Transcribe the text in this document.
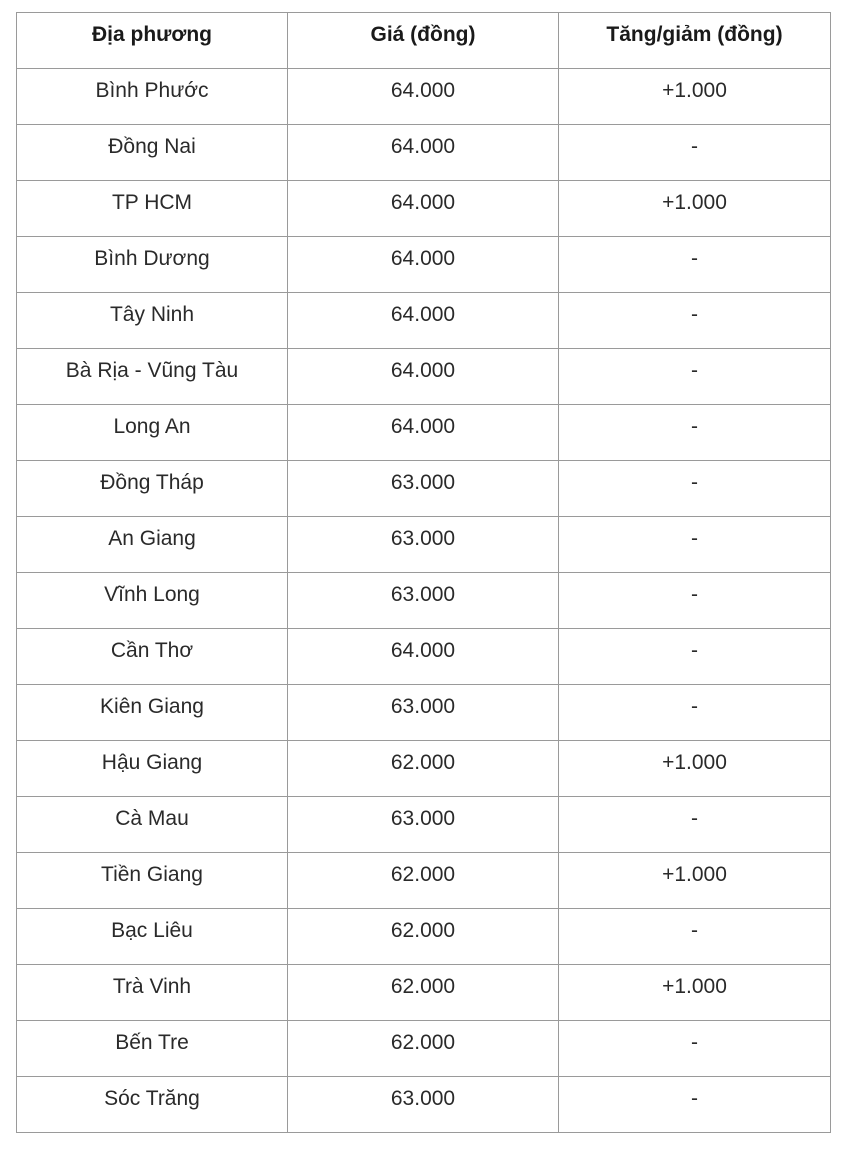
Địa phương	Giá (đồng)	Tăng/giảm (đồng)
Bình Phước	64.000	+1.000
Đồng Nai	64.000	-
TP HCM	64.000	+1.000
Bình Dương	64.000	-
Tây Ninh	64.000	-
Bà Rịa - Vũng Tàu	64.000	-
Long An	64.000	-
Đồng Tháp	63.000	-
An Giang	63.000	-
Vĩnh Long	63.000	-
Cần Thơ	64.000	-
Kiên Giang	63.000	-
Hậu Giang	62.000	+1.000
Cà Mau	63.000	-
Tiền Giang	62.000	+1.000
Bạc Liêu	62.000	-
Trà Vinh	62.000	+1.000
Bến Tre	62.000	-
Sóc Trăng	63.000	-
